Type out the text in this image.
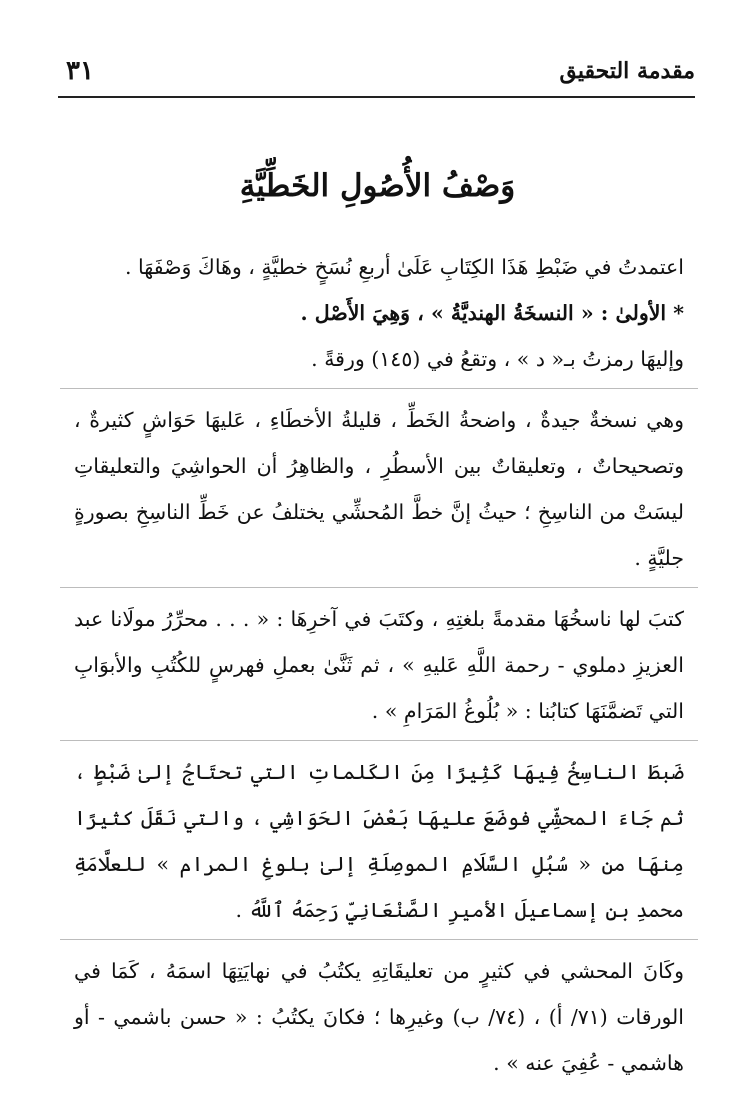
مقدمة التحقيق
٣١
وَصْفُ الأُصُولِ الخَطِّيَّةِ

اعتمدتُ في ضَبْطِ هَذَا الكِتَابِ عَلَىٰ أربعِ نُسَخٍ خطيَّةٍ ، وهَاكَ وَصْفَهَا .

* الأولىٰ : « النسخَةُ الهنديَّةُ » ، وَهِيَ الأَصْل .

وإليهَا رمزتُ بـ« د » ، وتقعُ في (١٤٥) ورقةً .

وهي نسخةٌ جيدةٌ ، واضحةُ الخَطِّ ، قليلةُ الأخطَاءِ ، عَليهَا حَوَاشٍ كثيرةٌ ، وتصحيحاتٌ ، وتعليقاتٌ بين الأسطُرِ ، والظاهِرُ أن الحواشِيَ والتعليقاتِ ليسَتْ من الناسِخِ ؛ حيثُ إنَّ خطَّ المُحشِّي يختلفُ عن خَطِّ الناسِخِ بصورةٍ جليَّةٍ .

كتبَ لها ناسخُهَا مقدمةً بلغتِهِ ، وكتَبَ في آخرِهَا : « . . . محرِّرُ مولَانا عبد العزيزِ دملوي - رحمة اللَّهِ عَليهِ » ، ثم ثَنَّىٰ بعملِ فهرسٍ للكُتُبِ والأبوَابِ التي تَضمَّنَهَا كتابُنا : « بُلُوغُ المَرَامِ » .

ضَبطَ الناسِخُ فِيهَا كَثِيرًا مِنَ الكَلماتِ التي تحتَاجُ إلىٰ ضَبْطٍ ، ثم جَاءَ المحشِّي فوضَعَ عليهَا بَعْضَ الحَوَاشِي ، والتي نَقَلَ كثيرًا مِنهَا من « سُبُلِ السَّلَامِ الموصِلَةِ إلىٰ بلوغِ المرام » للعلَّامَةِ محمدِ بنِ إسماعيلَ الأميرِ الصَّنْعَانِيِّ رَحِمَهُ ٱللَّهُ .

وكَانَ المحشي في كثيرٍ من تعليقَاتِهِ يكتُبُ في نهايَتِهَا اسمَهُ ، كَمَا في الورقات (٧١/ أ) ، (٧٤/ ب) وغيرِها ؛ فكانَ يكتُبُ : « حسن باشمي - أو هاشمي - عُفِيَ عنه » .
